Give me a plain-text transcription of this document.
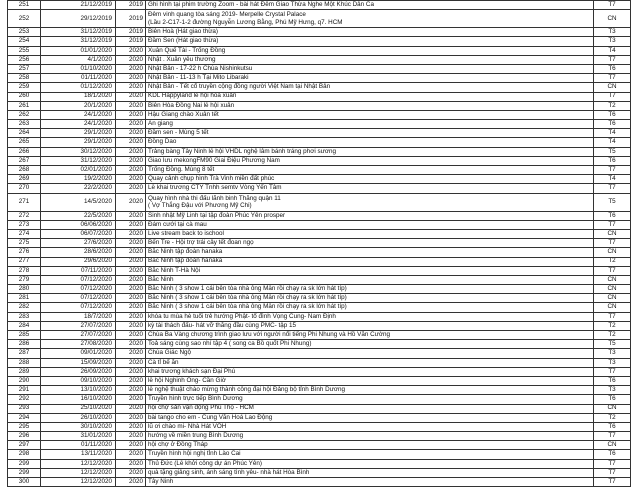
251	21/12/2019	2019	Ghi hình tại phim trường Zoom - bài hát Đêm Giao Thừa Nghe Một Khúc Dân Ca	T7
252	29/12/2019	2019	Đêm vinh quang tòa sáng 2019- Merpelle Crystal Palace
(Lầu 2-C17-1-2 đường Nguyễn Lương Bằng, Phú Mỹ Hưng, q7. HCM	CN
253	31/12/2019	2019	Biên Hoà (Hát giao thừa)	T3
254	31/12/2019	2019	Đầm Sen (Hát giao thừa)	T3
255	01/01/2020	2020	Xuân Quế Tài - Trống Đồng	T4
256	4/1/2020	2020	Nhật . Xuân yêu thương	T7
257	01/10/2020	2020	Nhật Bản - 17-22 h Chùa Nishinkutsu	T6
258	01/11/2020	2020	Nhật Bản - 11-13 h Tại Mito Libaraki	T7
259	01/12/2020	2020	Nhật Bản - Tết cổ truyền cộng đồng người Việt Nam tại Nhật Bản	CN
260	18/1/2020	2020	KDL Happyland lễ hội hoa xuân	T7
261	20/1/2020	2020	Biên Hòa Đồng Nai lễ hội xuân	T2
262	24/1/2020	2020	Hậu Giang chào Xuân tết	T6
263	24/1/2020	2020	An giang	T6
264	29/1/2020	2020	Đầm sen - Mùng 5 tết	T4
265	29/1/2020	2020	Đồng Dao	T4
266	30/12/2020	2020	Trảng bàng Tây Ninh lễ hội VHDL nghệ lâm bánh tráng phơi sương	T5
267	31/12/2020	2020	Giao lưu mekongFM90 Giai Điệu Phương Nam	T6
268	02/01/2020	2020	Trống Đồng. Mùng 8 tết	T7
269	19/2/2020	2020	Quay cảnh chụp hình Trà Vinh miền đất phúc	T4
270	22/2/2020	2020	Lễ khai trương CTY Tnhh semtv Vòng Yến Tâm	T7
271	14/5/2020	2020	Quay hình nhà thi đấu lãnh binh Thăng quận 11
( Vợ Thắng Đậu với Phương Mỹ Chi)	T5
272	22/5/2020	2020	Sinh nhật Mỹ Linh tại tập đoàn Phúc Yên prosper	T6
273	06/06/2020	2020	Đám cưới tại cà mau	T7
274	06/07/2020	2020	Live stream back to ischool	CN
275	27/6/2020	2020	Bến Tre - Hội trợ trái cây tết đoan ngọ	T7
276	28/6/2020	2020	Bắc Ninh tập đoàn hanaka	CN
277	29/6/2020	2020	Bắc Ninh tập đoàn hanaka	T2
278	07/11/2020	2020	Bắc Ninh T-Hà Nội	T7
279	07/12/2020	2020	Bắc Ninh	CN
280	07/12/2020	2020	Bắc Ninh ( 3 show 1 cái bên tòa nhà ông Mẫn rồi chạy ra sk lớn hát típ)	CN
281	07/12/2020	2020	Bắc Ninh ( 3 show 1 cái bên tòa nhà ông Mẫn rồi chạy ra sk lớn hát típ)	CN
282	07/12/2020	2020	Bắc Ninh ( 3 show 1 cái bên tòa nhà ông Mẫn rồi chạy ra sk lớn hát típ)	CN
283	18/7/2020	2020	khóa tu mùa hè tuổi trẻ hướng Phật- tổ đình Vọng Cung- Nam Định	T7
284	27/07/2020	2020	kỳ tài thách đấu- hát vỡ thắng đầu cùng PMC- tập 15	T2
285	27/07/2020	2020	Chùa Ba Vàng chương trình giao lưu với người nổi tiếng Phi Nhung và Hồ Văn Cường	T2
286	27/08/2020	2020	Toả sáng cùng sao nhí tập 4 ( song ca Bồ quốt Phi Nhung)	T5
287	09/01/2020	2020	Chùa Giác Ngộ	T3
288	15/09/2020	2020	Cà tỉ bế ăn	T3
289	26/09/2020	2020	khai trương khách sạn Đại Phú	T7
290	09/10/2020	2020	lễ hội Nghinh Ông- Cần Giờ	T6
291	13/10/2020	2020	lễ nghệ thuật chào mừng thành công đại hội Đảng bộ tỉnh Bình Dương	T3
292	16/10/2020	2020	Truyền hình trực tiếp Bình Dương	T6
293	25/10/2020	2020	hội chợ sản vận động Phú Thọ - HCM	CN
294	26/10/2020	2020	bài tango cho em - Cung Văn Hoá Lao Động	T2
295	30/10/2020	2020	lũ ơi chào mi- Nhà Hát VOH	T6
296	31/01/2020	2020	hướng về miền trung Bình Dương	T7
297	01/11/2020	2020	hội chợ ở Đồng Tháp	CN
298	13/11/2020	2020	Truyền hình hội nghị tỉnh Lào Cai	T6
299	12/12/2020	2020	Thủ Đức (Lễ khởi công dự án Phúc Yên)	T7
299	12/12/2020	2020	quà tặng giảng sinh, ánh sáng tình yêu- nhà hát Hòa Bình	T7
300	12/12/2020	2020	Tây Ninh	T7
